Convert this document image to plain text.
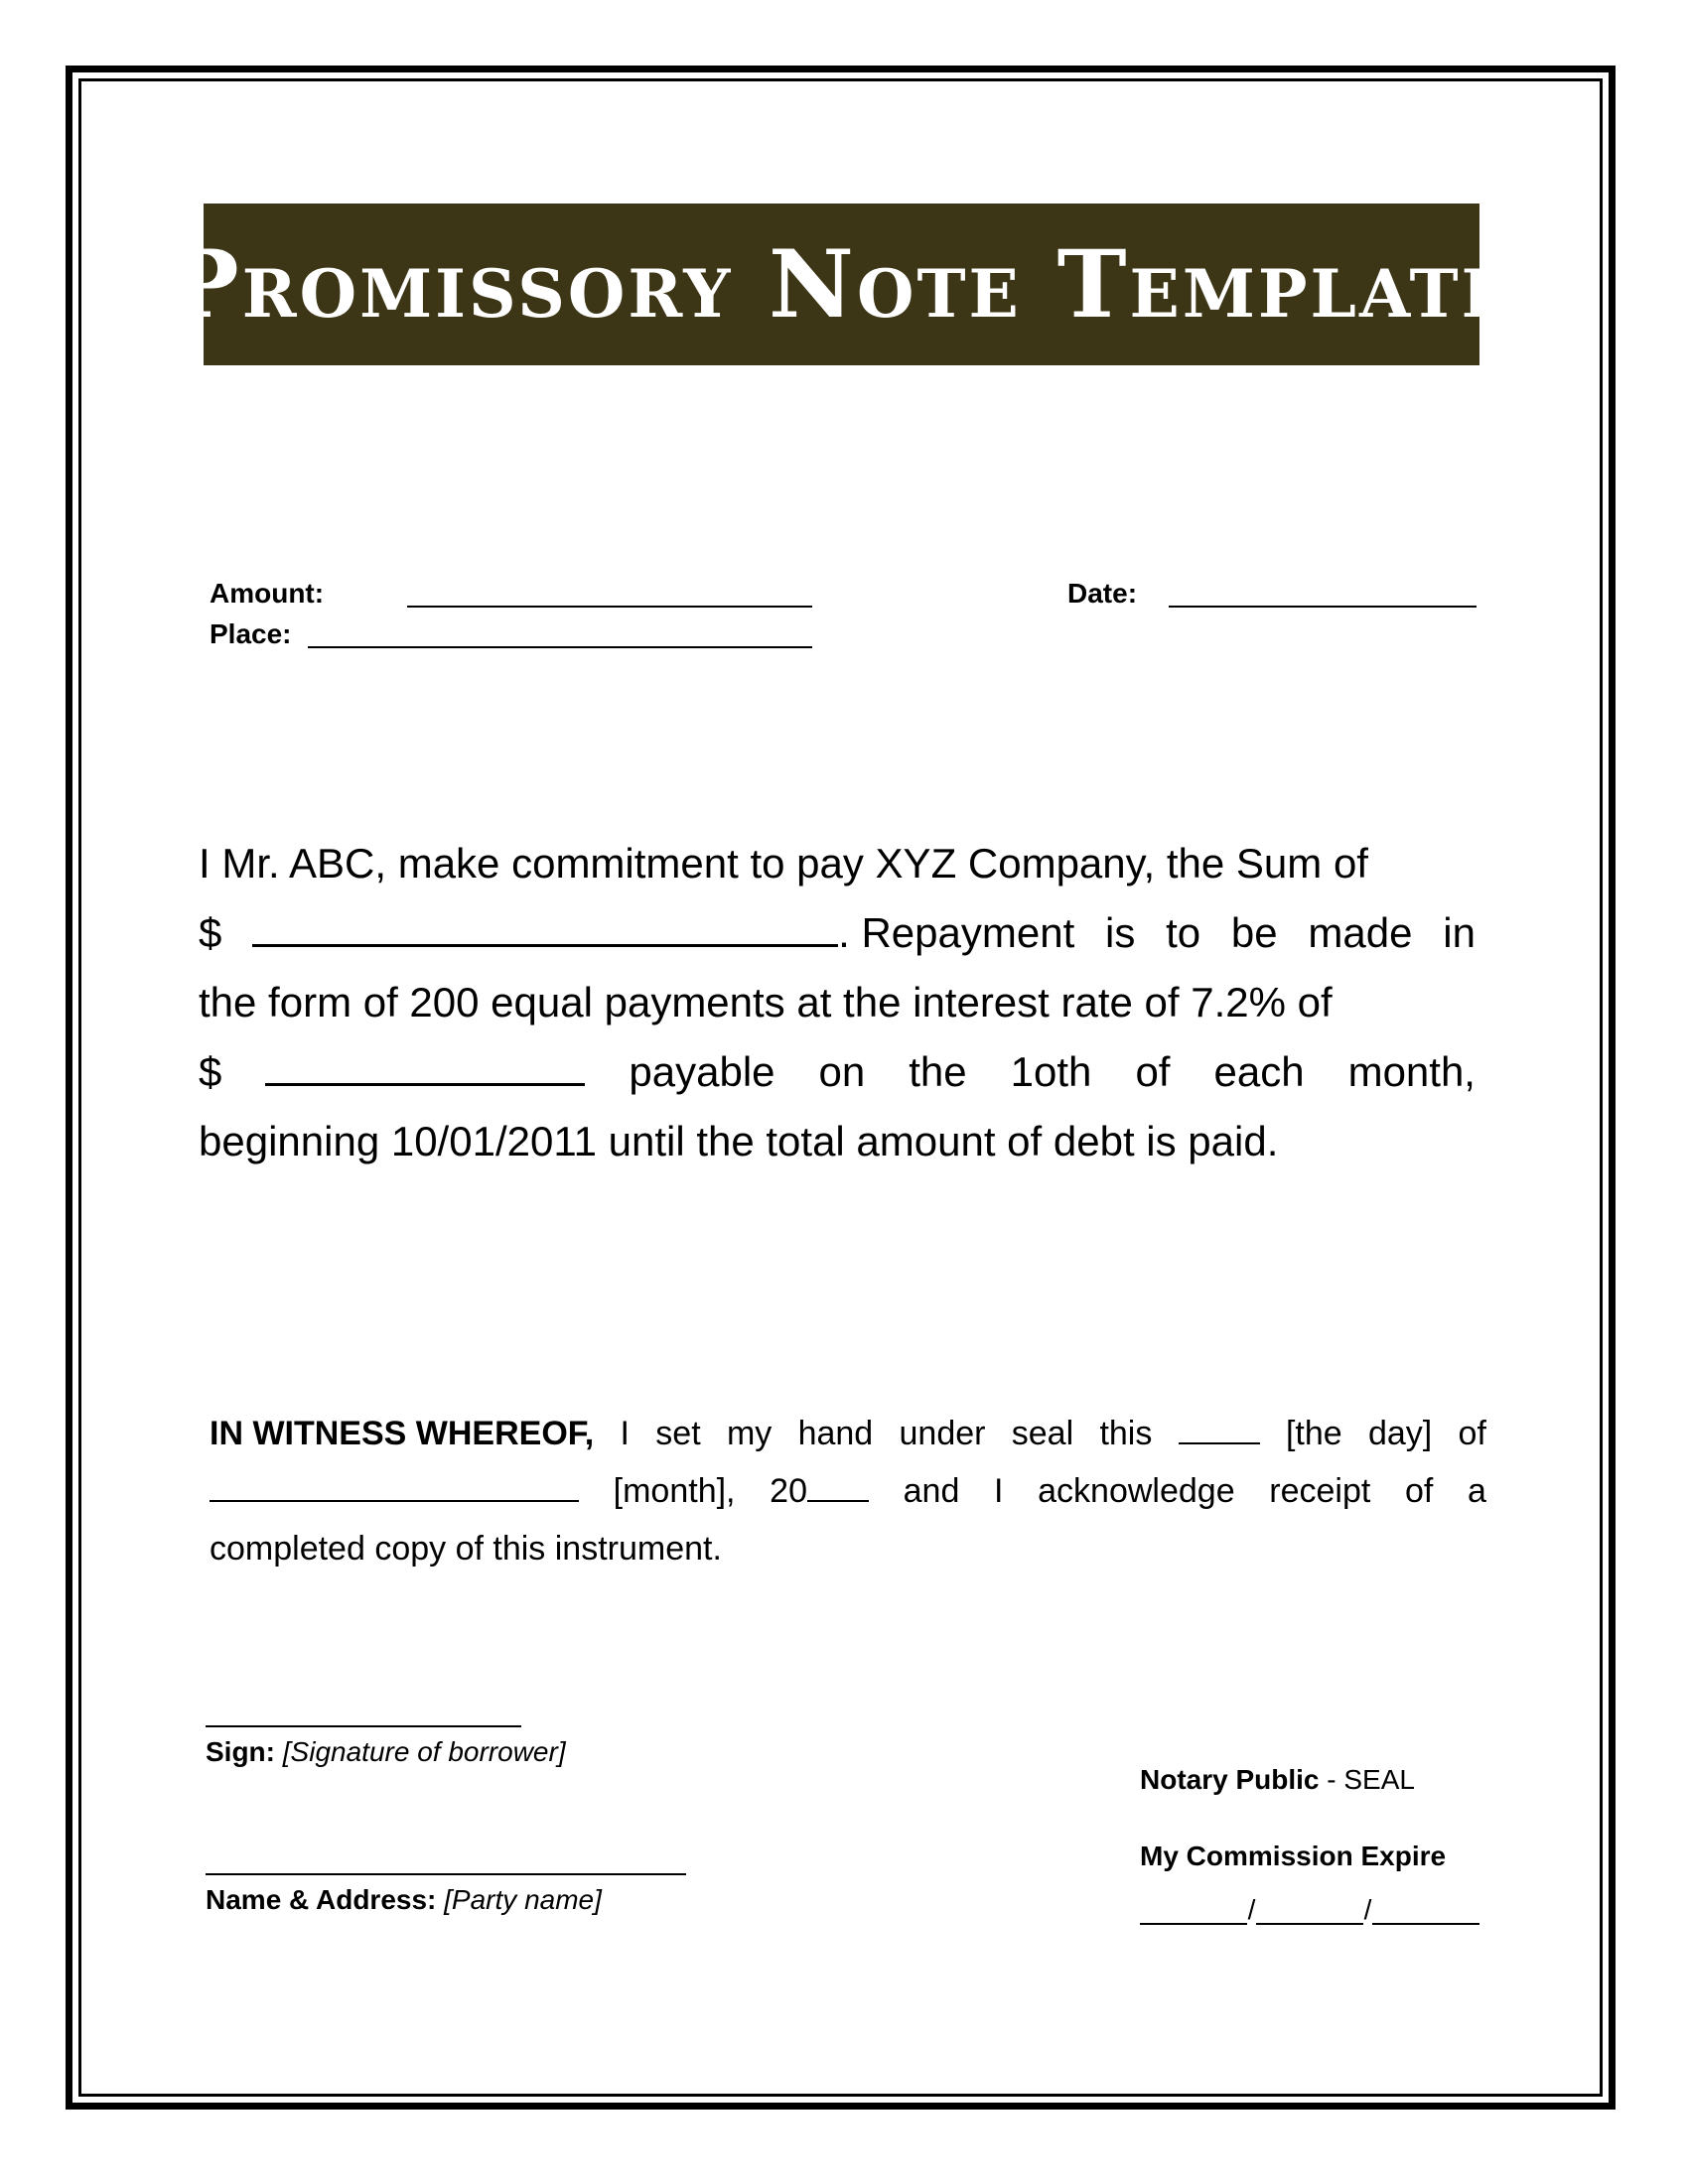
Promissory Note Template
Amount:	Date:
Place:
I Mr. ABC, make commitment to pay XYZ Company, the Sum of
$	. Repayment is to be made in
the form of 200 equal payments at the interest rate of 7.2% of
$	payable on the 1oth of each month,
beginning 10/01/2011 until the total amount of debt is paid.
IN WITNESS WHEREOF, I set my hand under seal this	[the day] of
[month], 20	and I acknowledge receipt of a
completed copy of this instrument.
Sign: [Signature of borrower]
Name & Address: [Party name]
Notary Public - SEAL
My Commission Expire
/	/
